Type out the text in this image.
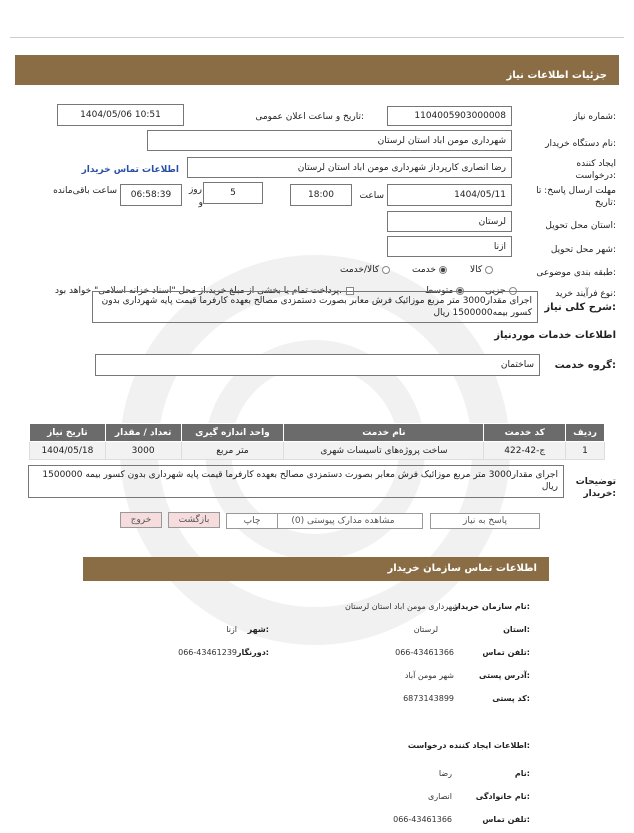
جزئیات اطلاعات نیاز
شماره نیاز:
1104005903000008
تاریخ و ساعت اعلان عمومی:
1404/05/06 10:51
نام دستگاه خریدار:
شهرداری مومن اباد استان لرستان
ایجاد کننده درخواست:
رضا انصاری کارپرداز شهرداری مومن اباد استان لرستان
اطلاعات تماس خریدار
مهلت ارسال پاسخ: تا تاریخ:
1404/05/11
ساعت
18:00
5
روز
و
06:58:39
ساعت باقی‌مانده
استان محل تحویل:
لرستان
شهر محل تحویل:
ازنا
طبقه بندی موضوعی:
کالا
خدمت
کالا/خدمت
نوع فرآیند خرید:
جزیی
متوسط
پرداخت تمام یا بخشی از مبلغ خرید،از محل "اسناد خزانه اسلامی" خواهد بود.
شرح کلی نیاز:
اجرای مقدار3000 متر مربع موزائیک فرش معابر بصورت دستمزدی مصالح بعهده کارفرما قیمت پایه شهرداری بدون کسور بیمه1500000 ریال
اطلاعات خدمات موردنیاز
گروه خدمت:
ساختمان
ردیف	کد خدمت	نام خدمت	واحد اندازه گیری	تعداد / مقدار	تاریخ نیاز
1	ج-42-422	ساخت پروژه‌های تاسیسات شهری	متر مربع	3000	1404/05/18
توضیحات خریدار:
اجرای مقدار3000 متر مربع موزائیک فرش معابر بصورت دستمزدی مصالح بعهده کارفرما قیمت پایه شهرداری بدون کسور بیمه 1500000 ریال
پاسخ به نیاز
مشاهده مدارک پیوستی (0)
چاپ
بازگشت
خروج
اطلاعات تماس سازمان خریدار
نام سازمان خریدار:
شهرداری مومن اباد استان لرستان
استان:
لرستان
شهر:
ازنا
تلفن تماس:
066-43461366
دورنگار:
066-43461239
آدرس پستی:
شهر مومن آباد
کد پستی:
6873143899
اطلاعات ایجاد کننده درخواست:
نام:
رضا
نام خانوادگی:
انصاری
تلفن تماس:
066-43461366
